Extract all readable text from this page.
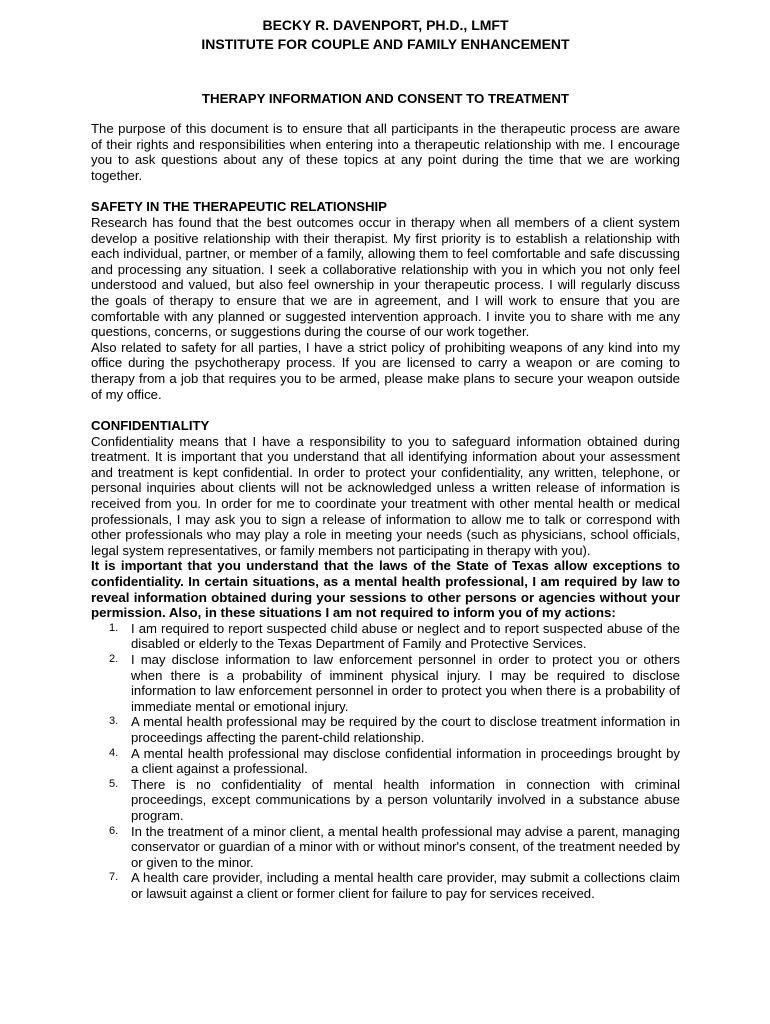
BECKY R. DAVENPORT, PH.D., LMFT

INSTITUTE FOR COUPLE AND FAMILY ENHANCEMENT

THERAPY INFORMATION AND CONSENT TO TREATMENT

The purpose of this document is to ensure that all participants in the therapeutic process are aware of their rights and responsibilities when entering into a therapeutic relationship with me. I encourage you to ask questions about any of these topics at any point during the time that we are working together.

SAFETY IN THE THERAPEUTIC RELATIONSHIP

Research has found that the best outcomes occur in therapy when all members of a client system develop a positive relationship with their therapist. My first priority is to establish a relationship with each individual, partner, or member of a family, allowing them to feel comfortable and safe discussing and processing any situation. I seek a collaborative relationship with you in which you not only feel understood and valued, but also feel ownership in your therapeutic process. I will regularly discuss the goals of therapy to ensure that we are in agreement, and I will work to ensure that you are comfortable with any planned or suggested intervention approach. I invite you to share with me any questions, concerns, or suggestions during the course of our work together.

Also related to safety for all parties, I have a strict policy of prohibiting weapons of any kind into my office during the psychotherapy process. If you are licensed to carry a weapon or are coming to therapy from a job that requires you to be armed, please make plans to secure your weapon outside of my office.

CONFIDENTIALITY

Confidentiality means that I have a responsibility to you to safeguard information obtained during treatment. It is important that you understand that all identifying information about your assessment and treatment is kept confidential. In order to protect your confidentiality, any written, telephone, or personal inquiries about clients will not be acknowledged unless a written release of information is received from you. In order for me to coordinate your treatment with other mental health or medical professionals, I may ask you to sign a release of information to allow me to talk or correspond with other professionals who may play a role in meeting your needs (such as physicians, school officials, legal system representatives, or family members not participating in therapy with you).

It is important that you understand that the laws of the State of Texas allow exceptions to confidentiality. In certain situations, as a mental health professional, I am required by law to reveal information obtained during your sessions to other persons or agencies without your permission. Also, in these situations I am not required to inform you of my actions:

1. I am required to report suspected child abuse or neglect and to report suspected abuse of the disabled or elderly to the Texas Department of Family and Protective Services.
2. I may disclose information to law enforcement personnel in order to protect you or others when there is a probability of imminent physical injury. I may be required to disclose information to law enforcement personnel in order to protect you when there is a probability of immediate mental or emotional injury.
3. A mental health professional may be required by the court to disclose treatment information in proceedings affecting the parent-child relationship.
4. A mental health professional may disclose confidential information in proceedings brought by a client against a professional.
5. There is no confidentiality of mental health information in connection with criminal proceedings, except communications by a person voluntarily involved in a substance abuse program.
6. In the treatment of a minor client, a mental health professional may advise a parent, managing conservator or guardian of a minor with or without minor's consent, of the treatment needed by or given to the minor.
7. A health care provider, including a mental health care provider, may submit a collections claim or lawsuit against a client or former client for failure to pay for services received.
